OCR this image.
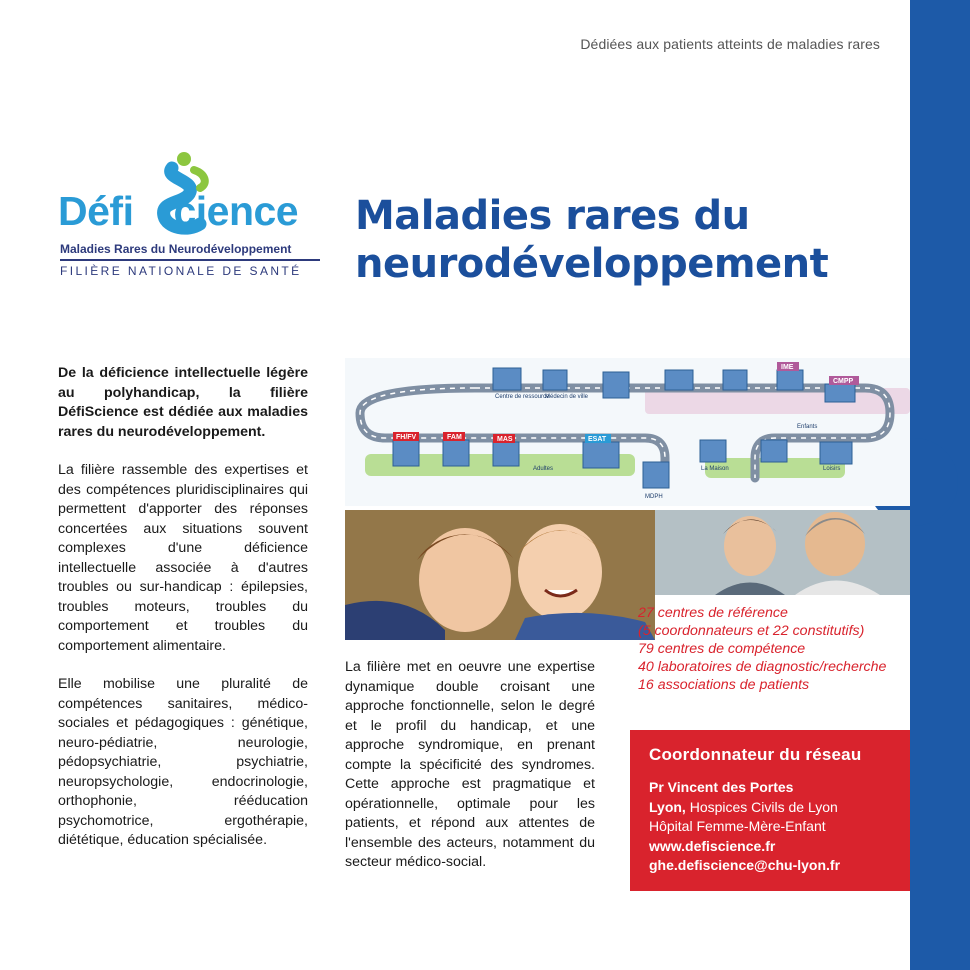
Dédiées aux patients atteints de maladies rares
Défi cience
Maladies Rares du Neurodéveloppement
FILIÈRE NATIONALE DE SANTÉ
Maladies rares du
neurodéveloppement

De la déficience intellectuelle légère au polyhandicap, la filière DéfiScience est dédiée aux maladies rares du neurodéveloppement.

La filière rassemble des expertises et des compétences pluridisciplinaires qui permettent d'apporter des réponses concertées aux situations souvent complexes d'une déficience intellectuelle associée à d'autres troubles ou sur-handicap : épilepsies, troubles moteurs, troubles du comportement et troubles du comportement alimentaire.

Elle mobilise une pluralité de compétences sanitaires, médico-sociales et pédagogiques : génétique, neuro-pédiatrie, neurologie, pédopsychiatrie, psychiatrie, neuropsychologie, endocrinologie, orthophonie, rééducation psychomotrice, ergothérapie, diététique, éducation spécialisée.

Centre de ressource
Médecin de ville
Enfants
Adultes	La Maison	Loisirs
MDPH
FH/FV	FAM	MAS	ESAT
IME
CMPP
27 centres de référence
(5 coordonnateurs et 22 constitutifs)
79 centres de compétence
40 laboratoires de diagnostic/recherche
16 associations de patients

La filière met en oeuvre une expertise dynamique double croisant une approche fonctionnelle, selon le degré et le profil du handicap, et une approche syndromique, en prenant compte la spécificité des syndromes. Cette approche est pragmatique et opérationnelle, optimale pour les patients, et répond aux attentes de l'ensemble des acteurs, notamment du secteur médico-social.

Coordonnateur du réseau
Pr Vincent des Portes
Lyon, Hospices Civils de Lyon
Hôpital Femme-Mère-Enfant
www.defiscience.fr
ghe.defiscience@chu-lyon.fr
